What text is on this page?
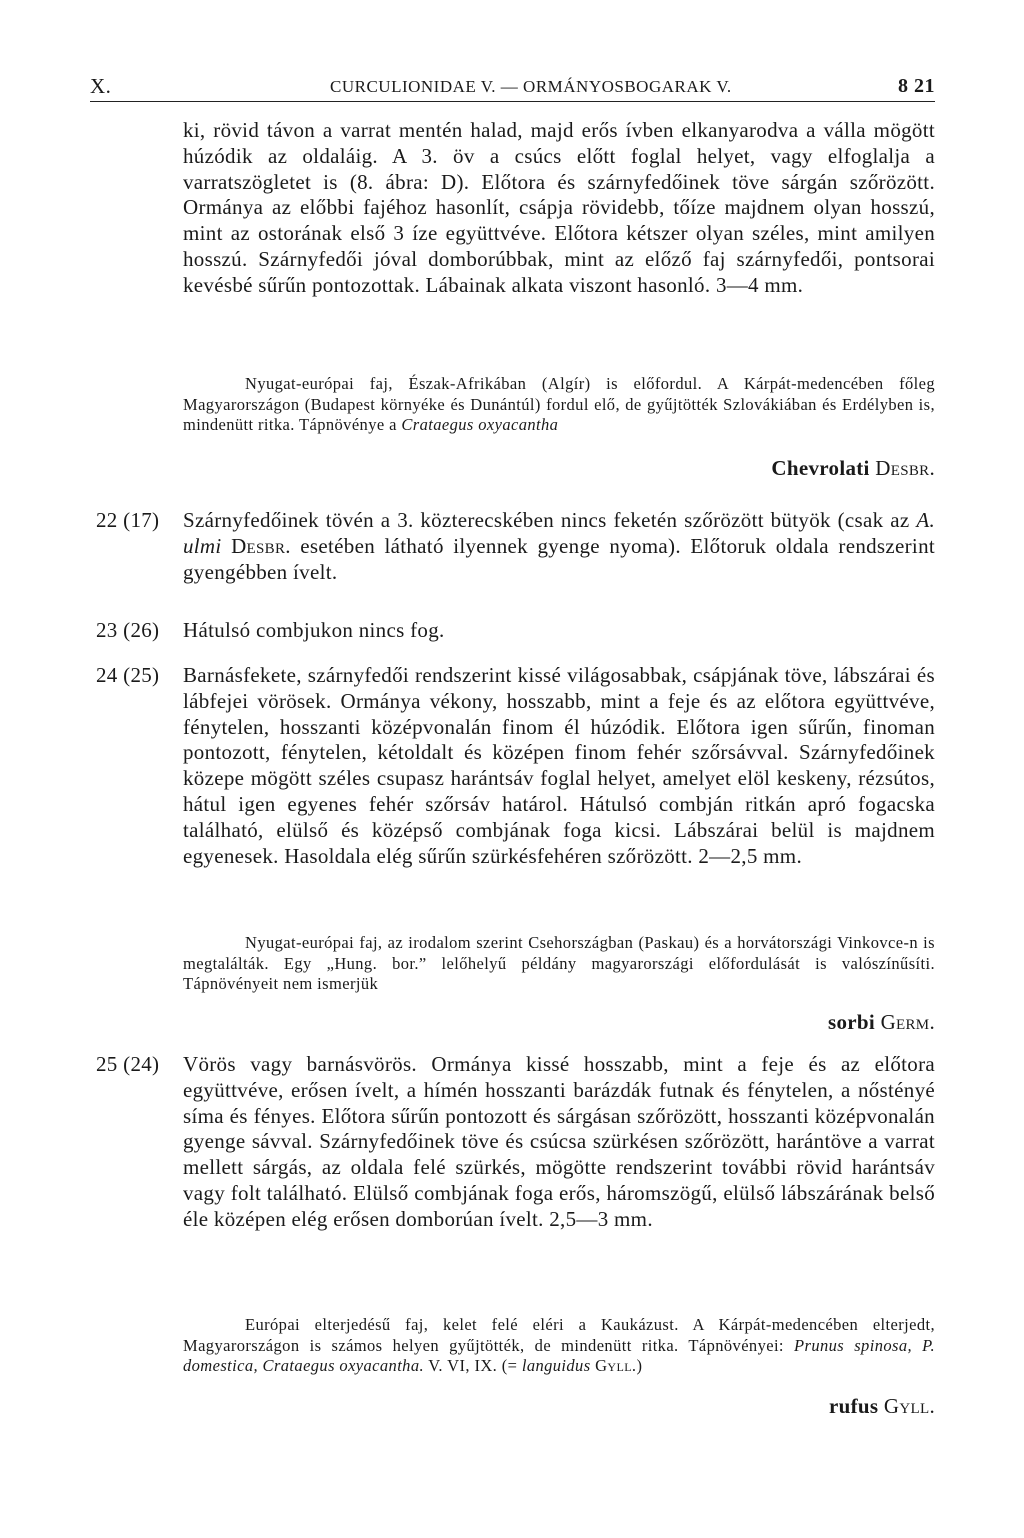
X.	CURCULIONIDAE V. — ORMÁNYOSBOGARAK V.	8 21
ki, rövid távon a varrat mentén halad, majd erős ívben elkanyarodva a válla mögött húzódik az oldaláig. A 3. öv a csúcs előtt foglal helyet, vagy elfoglalja a varratszögletet is (8. ábra: D). Előtora és szárnyfedőinek töve sárgán szőrözött. Ormánya az előbbi fajéhoz hasonlít, csápja rövidebb, tőíze majdnem olyan hosszú, mint az ostorának első 3 íze együttvéve. Előtora kétszer olyan széles, mint amilyen hosszú. Szárnyfedői jóval domborúbbak, mint az előző faj szárnyfedői, pontsorai kevésbé sűrűn pontozottak. Lábainak alkata viszont hasonló. 3—4 mm.
Nyugat-európai faj, Észak-Afrikában (Algír) is előfordul. A Kárpát-medencében főleg Magyarországon (Budapest környéke és Dunántúl) fordul elő, de gyűjtötték Szlovákiában és Erdélyben is, mindenütt ritka. Tápnövénye a Crataegus oxyacantha
Chevrolati Desbr.
22 (17)	Szárnyfedőinek tövén a 3. közterecskében nincs feketén szőrözött bütyök (csak az A. ulmi Desbr. esetében látható ilyennek gyenge nyoma). Előtoruk oldala rendszerint gyengébben ívelt.
23 (26)	Hátulsó combjukon nincs fog.
24 (25)	Barnásfekete, szárnyfedői rendszerint kissé világosabbak, csápjának töve, lábszárai és lábfejei vörösek. Ormánya vékony, hosszabb, mint a feje és az előtora együttvéve, fénytelen, hosszanti középvonalán finom él húzódik. Előtora igen sűrűn, finoman pontozott, fénytelen, kétoldalt és középen finom fehér szőrsávval. Szárnyfedőinek közepe mögött széles csupasz harántsáv foglal helyet, amelyet elöl keskeny, rézsútos, hátul igen egyenes fehér szőrsáv határol. Hátulsó combján ritkán apró fogacska található, elülső és középső combjának foga kicsi. Lábszárai belül is majdnem egyenesek. Hasoldala elég sűrűn szürkésfehéren szőrözött. 2—2,5 mm.
Nyugat-európai faj, az irodalom szerint Csehországban (Paskau) és a horvátországi Vinkovce-n is megtalálták. Egy „Hung. bor.” lelőhelyű példány magyarországi előfordulását is valószínűsíti. Tápnövényeit nem ismerjük
sorbi Germ.
25 (24)	Vörös vagy barnásvörös. Ormánya kissé hosszabb, mint a feje és az előtora együttvéve, erősen ívelt, a hímén hosszanti barázdák futnak és fénytelen, a nőstényé síma és fényes. Előtora sűrűn pontozott és sárgásan szőrözött, hosszanti középvonalán gyenge sávval. Szárnyfedőinek töve és csúcsa szürkésen szőrözött, harántöve a varrat mellett sárgás, az oldala felé szürkés, mögötte rendszerint további rövid harántsáv vagy folt található. Elülső combjának foga erős, háromszögű, elülső lábszárának belső éle középen elég erősen domborúan ívelt. 2,5—3 mm.
Európai elterjedésű faj, kelet felé eléri a Kaukázust. A Kárpát-medencében elterjedt, Magyarországon is számos helyen gyűjtötték, de mindenütt ritka. Tápnövényei: Prunus spinosa, P. domestica, Crataegus oxyacantha. V. VI, IX. (= languidus Gyll.)
rufus Gyll.
